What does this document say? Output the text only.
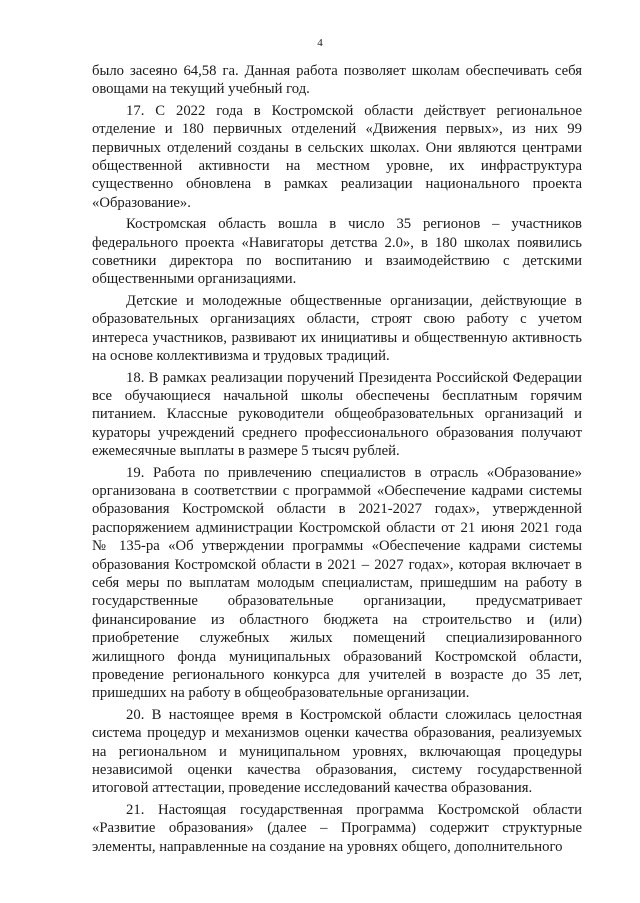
4

было засеяно 64,58 га. Данная работа позволяет школам обеспечивать себя овощами на текущий учебный год.

17. С 2022 года в Костромской области действует региональное отделение и 180 первичных отделений «Движения первых», из них 99 первичных отделений созданы в сельских школах. Они являются центрами общественной активности на местном уровне, их инфраструктура существенно обновлена в рамках реализации национального проекта «Образование».

Костромская область вошла в число 35 регионов – участников федерального проекта «Навигаторы детства 2.0», в 180 школах появились советники директора по воспитанию и взаимодействию с детскими общественными организациями.

Детские и молодежные общественные организации, действующие в образовательных организациях области, строят свою работу с учетом интереса участников, развивают их инициативы и общественную активность на основе коллективизма и трудовых традиций.

18. В рамках реализации поручений Президента Российской Федерации все обучающиеся начальной школы обеспечены бесплатным горячим питанием. Классные руководители общеобразовательных организаций и кураторы учреждений среднего профессионального образования получают ежемесячные выплаты в размере 5 тысяч рублей.

19. Работа по привлечению специалистов в отрасль «Образование» организована в соответствии с программой «Обеспечение кадрами системы образования Костромской области в 2021-2027 годах», утвержденной распоряжением администрации Костромской области от 21 июня 2021 года № 135-ра «Об утверждении программы «Обеспечение кадрами системы образования Костромской области в 2021 – 2027 годах», которая включает в себя меры по выплатам молодым специалистам, пришедшим на работу в государственные образовательные организации, предусматривает финансирование из областного бюджета на строительство и (или) приобретение служебных жилых помещений специализированного жилищного фонда муниципальных образований Костромской области, проведение регионального конкурса для учителей в возрасте до 35 лет, пришедших на работу в общеобразовательные организации.

20. В настоящее время в Костромской области сложилась целостная система процедур и механизмов оценки качества образования, реализуемых на региональном и муниципальном уровнях, включающая процедуры независимой оценки качества образования, систему государственной итоговой аттестации, проведение исследований качества образования.

21. Настоящая государственная программа Костромской области «Развитие образования» (далее – Программа) содержит структурные элементы, направленные на создание на уровнях общего, дополнительного
